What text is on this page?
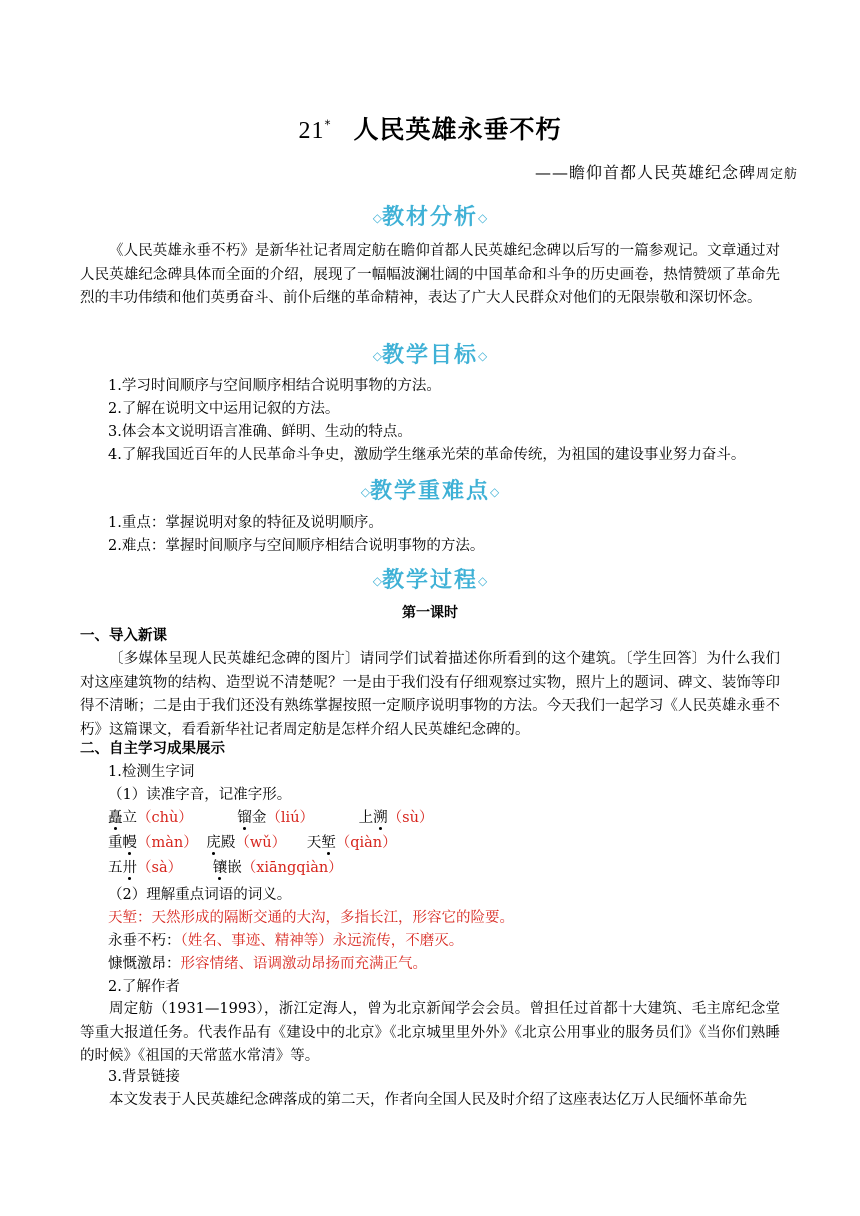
21* 人民英雄永垂不朽
——瞻仰首都人民英雄纪念碑周定舫
◇教材分析◇
《人民英雄永垂不朽》是新华社记者周定舫在瞻仰首都人民英雄纪念碑以后写的一篇参观记。文章通过对人民英雄纪念碑具体而全面的介绍，展现了一幅幅波澜壮阔的中国革命和斗争的历史画卷，热情赞颂了革命先烈的丰功伟绩和他们英勇奋斗、前仆后继的革命精神，表达了广大人民群众对他们的无限崇敬和深切怀念。
◇教学目标◇
1.学习时间顺序与空间顺序相结合说明事物的方法。
2.了解在说明文中运用记叙的方法。
3.体会本文说明语言准确、鲜明、生动的特点。
4.了解我国近百年的人民革命斗争史，激励学生继承光荣的革命传统，为祖国的建设事业努力奋斗。
◇教学重难点◇
1.重点：掌握说明对象的特征及说明顺序。
2.难点：掌握时间顺序与空间顺序相结合说明事物的方法。
◇教学过程◇
第一课时
一、导入新课
〔多媒体呈现人民英雄纪念碑的图片〕请同学们试着描述你所看到的这个建筑。〔学生回答〕为什么我们对这座建筑物的结构、造型说不清楚呢？一是由于我们没有仔细观察过实物，照片上的题词、碑文、装饰等印得不清晰；二是由于我们还没有熟练掌握按照一定顺序说明事物的方法。今天我们一起学习《人民英雄永垂不朽》这篇课文，看看新华社记者周定舫是怎样介绍人民英雄纪念碑的。
二、自主学习成果展示
1.检测生字词
（1）读准字音，记准字形。
矗立（chù）	镏金（liú）	上溯（sù）
重幔（màn） 庑殿（wǔ） 天堑（qiàn）
五卅（sà） 镶嵌（xiāngqiàn）
（2）理解重点词语的词义。
天堑：天然形成的隔断交通的大沟，多指长江，形容它的险要。
永垂不朽：（姓名、事迹、精神等）永远流传，不磨灭。
慷慨激昂：形容情绪、语调激动昂扬而充满正气。
2.了解作者
周定舫（1931—1993），浙江定海人，曾为北京新闻学会会员。曾担任过首都十大建筑、毛主席纪念堂等重大报道任务。代表作品有《建设中的北京》《北京城里里外外》《北京公用事业的服务员们》《当你们熟睡的时候》《祖国的天常蓝水常清》等。
3.背景链接
本文发表于人民英雄纪念碑落成的第二天，作者向全国人民及时介绍了这座表达亿万人民缅怀革命先
